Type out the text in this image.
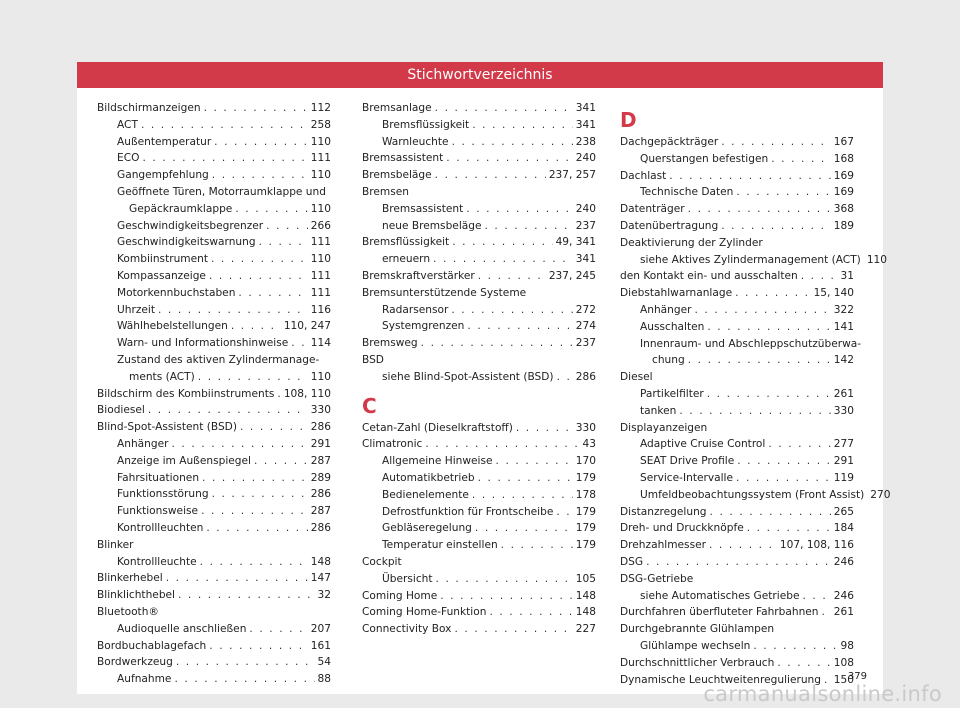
Stichwortverzeichnis
Bildschirmanzeigen . . .	112
ACT . . .	258
Außentemperatur . . .	110
ECO . . .	111
Gangempfehlung . . .	110
Geöffnete Türen, Motorraumklappe und
Gepäckraumklappe . . .	110
Geschwindigkeitsbegrenzer . . .	266
Geschwindigkeitswarnung . . .	111
Kombiinstrument . . .	110
Kompassanzeige . . .	111
Motorkennbuchstaben . . .	111
Uhrzeit . . .	116
Wählhebelstellungen . . .	110, 247
Warn- und Informationshinweise . . . 114
Zustand des aktiven Zylindermanage-
ments (ACT) . . .	110
Bildschirm des Kombiinstruments . . . 108, 110
Biodiesel . . .	330
Blind-Spot-Assistent (BSD) . . .	286
Anhänger . . .	291
Anzeige im Außenspiegel . . .	287
Fahrsituationen . . .	289
Funktionsstörung . . .	286
Funktionsweise . . .	287
Kontrollleuchten . . .	286
Blinker
Kontrollleuchte . . .	148
Blinkerhebel . . .	147
Blinklichthebel . . .	32
Bluetooth®
Audioquelle anschließen . . .	207
Bordbuchablagefach . . .	161
Bordwerkzeug . . .	54
Aufnahme . . .	88
Bremsanlage . . .	341
Bremsflüssigkeit . . .	341
Warnleuchte . . .	238
Bremsassistent . . .	240
Bremsbeläge . . .	237, 257
Bremsen
Bremsassistent . . .	240
neue Bremsbeläge . . .	237
Bremsflüssigkeit . . .	49, 341
erneuern . . .	341
Bremskraftverstärker . . .	237, 245
Bremsunterstützende Systeme
Radarsensor . . .	272
Systemgrenzen . . .	274
Bremsweg . . .	237
BSD
siehe Blind-Spot-Assistent (BSD) . . . 286
C
Cetan-Zahl (Dieselkraftstoff) . . .	330
Climatronic . . .	43
Allgemeine Hinweise . . .	170
Automatikbetrieb . . .	179
Bedienelemente . . .	178
Defrostfunktion für Frontscheibe . . . 179
Gebläseregelung . . .	179
Temperatur einstellen . . .	179
Cockpit
Übersicht . . .	105
Coming Home . . .	148
Coming Home-Funktion . . .	148
Connectivity Box . . .	227
D
Dachgepäckträger . . .	167
Querstangen befestigen . . .	168
Dachlast . . .	169
Technische Daten . . .	169
Datenträger . . .	368
Datenübertragung . . .	189
Deaktivierung der Zylinder
siehe Aktives Zylindermanagement (ACT) 110
den Kontakt ein- und ausschalten . . .	31
Diebstahlwarnanlage . . .	15, 140
Anhänger . . .	322
Ausschalten . . .	141
Innenraum- und Abschleppschutzüberwa-
chung . . .	142
Diesel
Partikelfilter . . .	261
tanken . . .	330
Displayanzeigen
Adaptive Cruise Control . . .	277
SEAT Drive Profile . . .	291
Service-Intervalle . . .	119
Umfeldbeobachtungssystem (Front Assist) 270
Distanzregelung . . .	265
Dreh- und Druckknöpfe . . .	184
Drehzahlmesser . . .	107, 108, 116
DSG . . .	246
DSG-Getriebe
siehe Automatisches Getriebe . . .	246
Durchfahren überfluteter Fahrbahnen . . . 261
Durchgebrannte Glühlampen
Glühlampe wechseln . . .	98
Durchschnittlicher Verbrauch . . .	108
Dynamische Leuchtweitenregulierung . . . 150
379
carmanualsonline.info
